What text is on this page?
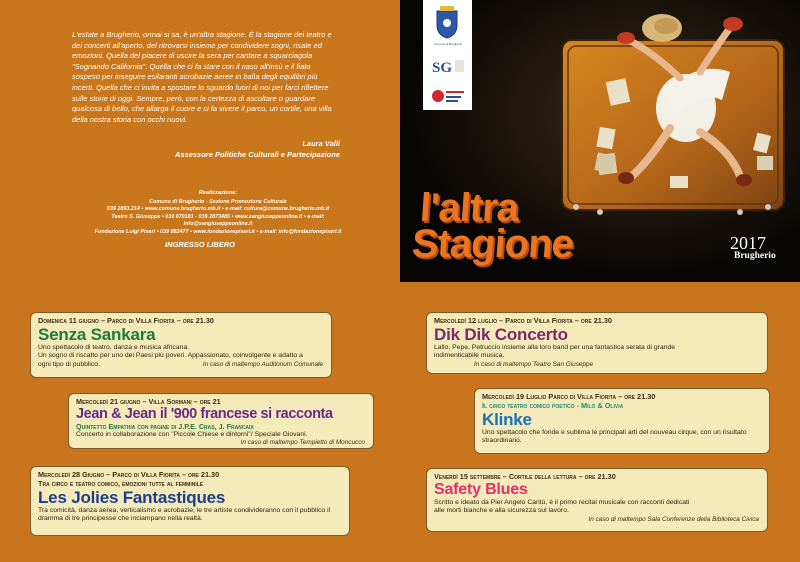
L'estate a Brugherio, ormai si sa, è un'altra stagione. È la stagione dei teatro e
dei concerti all'aperto, del ritrovarsi insieme per condividere sogni, risate ed
emozioni. Quella del piacere di uscire la sera per cantare a squarciagola
"Sognando California". Quella che ci fa stare con il naso all'insù e il fiato
sospeso per inseguire esilaranti acrobazie aeree in balìa degli equilibri più
incerti. Quella che ci invita a spostare lo sguardo fuori di noi per farci riflettere
sulle storie di oggi. Sempre, però, con la certezza di ascoltare o guardare
qualcosa di bello, che allarga il cuore e ci fa vivere il parco, un cortile, una villa
della nostra storia con occhi nuovi.
Laura Valli
Assessore Politiche Culturali e Partecipazione
Realizzazione:
Comune di Brugherio - Sezione Promozione Culturale
039 2893.214 • www.comune.brugherio.mb.it • e-mail: cultura@comune.brugherio.mb.it
Teatro S. Giuseppe • 039 870181 - 039 2873485 • www.sangiuseppeonline.it • e-mail: info@sangiuseppeonline.it
Fondazione Luigi Piseri • 039 882477 • www.fondazionepiseri.it • e-mail: info@fondazionepiseri.it
INGRESSO LIBERO
Comune di Brugherio
SG
l'altra
Stagione	2017
Brugherio
Domenica 11 giugno – Parco di Villa Fiorita – ore 21.30
Senza Sankara
Uno spettacolo di teatro, danza e musica africana.
Un sogno di riscatto per uno dei Paesi più poveri. Appassionato, coinvolgente e adatto a
ogni tipo di pubblico.	In caso di maltempo Auditorium Comunale
Mercoledì 21 giugno – Villa Sormani – ore 21
Jean & Jean il '900 francese si racconta
Quintetto Empathia con pagine di J.P.E. Cras, J. Francaix
Concerto in collaborazione con "Piccole Chiese e dintorni"/ Speciale Giovani.
In caso di maltempo Tempietto di Moncucco
Mercoledì 28 Giugno – Parco di Villa Fiorita – ore 21.30
Tra circo e teatro comico, emozioni tutte al femminile
Les Jolies Fantastiques
Tra comicità, danza aerea, verticalismo e acrobazie, le tre artiste condivideranno con il pubblico il
dramma di tre principesse che inciampano nella realtà.
Mercoledì 12 luglio – Parco di Villa Fiorita – ore 21.30
Dik Dik Concerto
Lallo, Pepe, Petruccio insieme alla loro band per una fantastica serata di grande
indimenticabile musica.
In caso di maltempo Teatro San Giuseppe
Mercoledì 19 Luglio Parco di Villa Fiorita – ore 21.30
Il circo teatro comico poetico - Milo & Olivia
Klinke
Uno spettacolo che fonde e sublima le principali arti del nouveau cirque, con un risultato
straordinario.
Venerdì 15 settembre – Cortile della lettura – ore 21.30
Safety Blues
Scritto e ideato da Pier Angelo Cantù, è il primo recital musicale con racconti dedicati
alle morti bianche e alla sicurezza sul lavoro.
In caso di maltempo Sala Conferenze della Biblioteca Civica
